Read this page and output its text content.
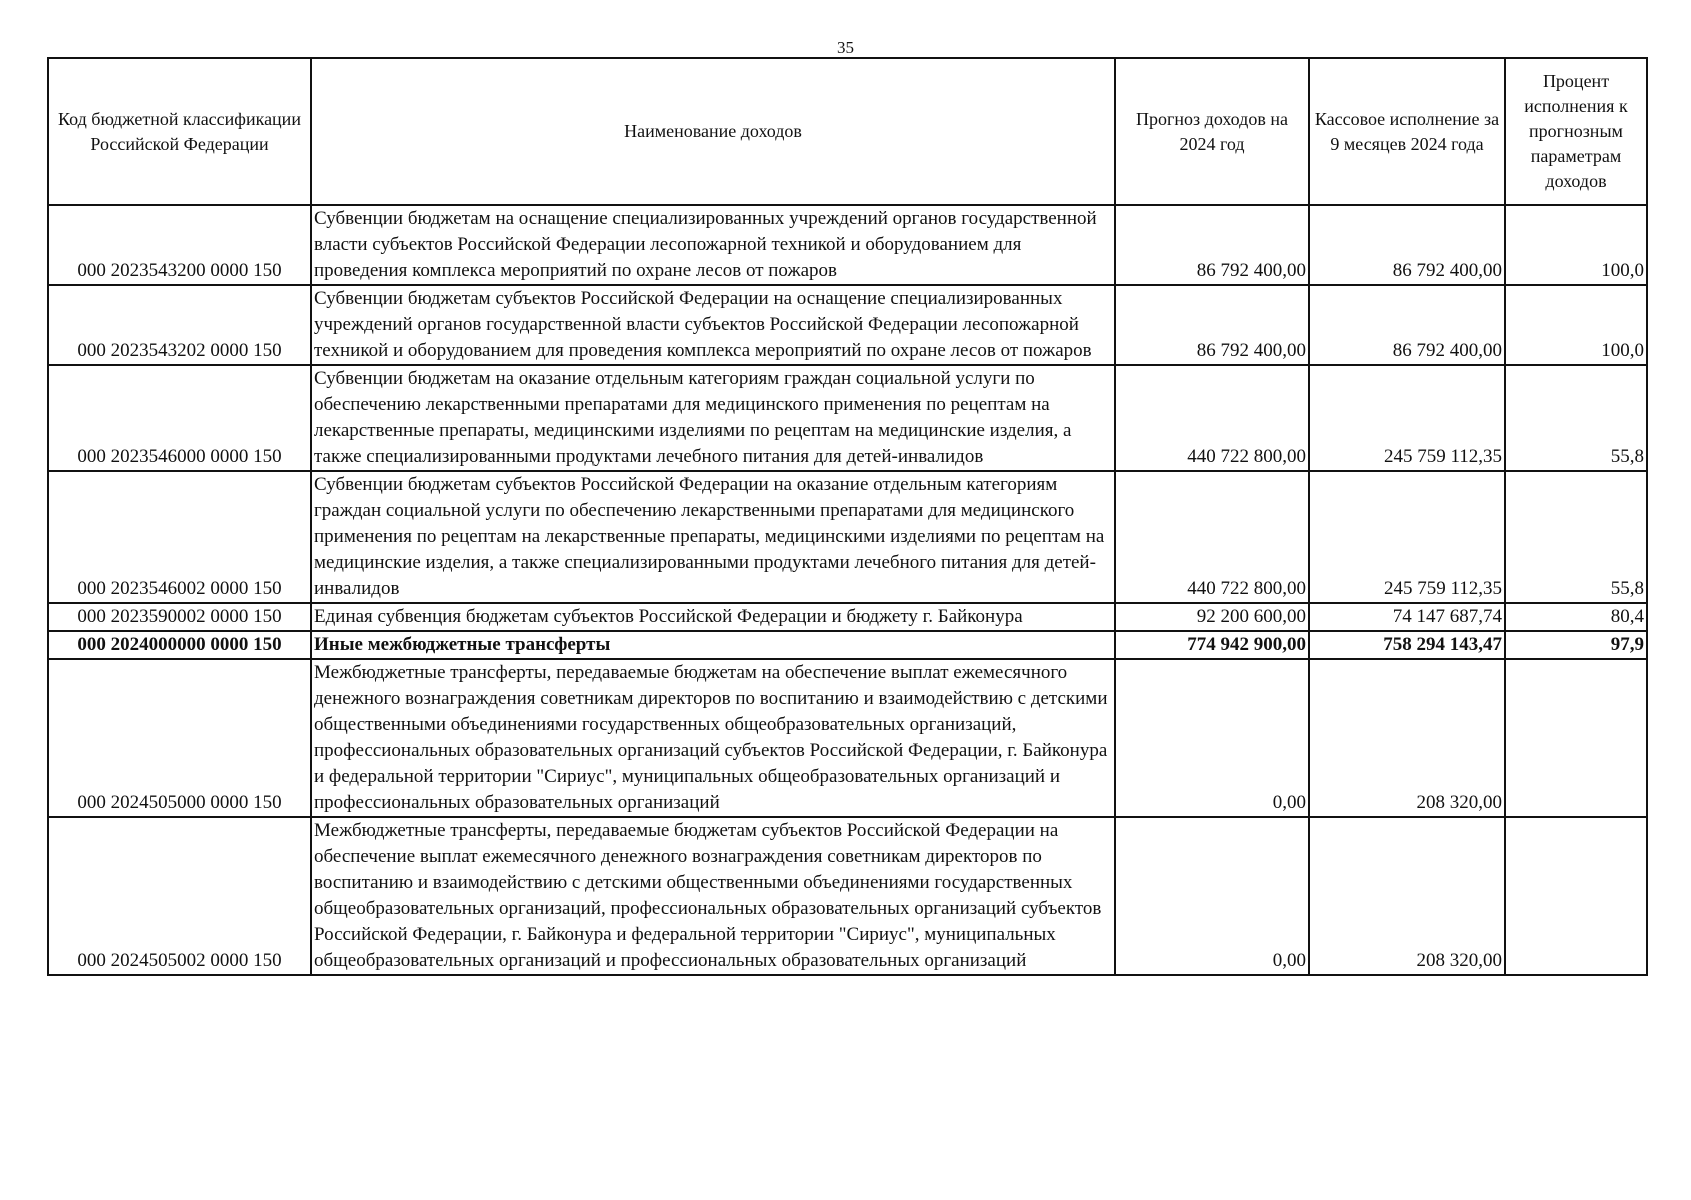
35
Код бюджетной классификации Российской Федерации	Наименование доходов	Прогноз доходов на 2024 год	Кассовое исполнение за 9 месяцев 2024 года	Процент исполнения к прогнозным параметрам доходов
000 2023543200 0000 150	Субвенции бюджетам на оснащение специализированных учреждений органов государственной власти субъектов Российской Федерации лесопожарной техникой и оборудованием для проведения комплекса мероприятий по охране лесов от пожаров	86 792 400,00	86 792 400,00	100,0
000 2023543202 0000 150	Субвенции бюджетам субъектов Российской Федерации на оснащение специализированных учреждений органов государственной власти субъектов Российской Федерации лесопожарной техникой и оборудованием для проведения комплекса мероприятий по охране лесов от пожаров	86 792 400,00	86 792 400,00	100,0
000 2023546000 0000 150	Субвенции бюджетам на оказание отдельным категориям граждан социальной услуги по обеспечению лекарственными препаратами для медицинского применения по рецептам на лекарственные препараты, медицинскими изделиями по рецептам на медицинские изделия, а также специализированными продуктами лечебного питания для детей-инвалидов	440 722 800,00	245 759 112,35	55,8
000 2023546002 0000 150	Субвенции бюджетам субъектов Российской Федерации на оказание отдельным категориям граждан социальной услуги по обеспечению лекарственными препаратами для медицинского применения по рецептам на лекарственные препараты, медицинскими изделиями по рецептам на медицинские изделия, а также специализированными продуктами лечебного питания для детей-инвалидов	440 722 800,00	245 759 112,35	55,8
000 2023590002 0000 150	Единая субвенция бюджетам субъектов Российской Федерации и бюджету г. Байконура	92 200 600,00	74 147 687,74	80,4
000 2024000000 0000 150	Иные межбюджетные трансферты	774 942 900,00	758 294 143,47	97,9
000 2024505000 0000 150	Межбюджетные трансферты, передаваемые бюджетам на обеспечение выплат ежемесячного денежного вознаграждения советникам директоров по воспитанию и взаимодействию с детскими общественными объединениями государственных общеобразовательных организаций, профессиональных образовательных организаций субъектов Российской Федерации, г. Байконура и федеральной территории "Сириус", муниципальных общеобразовательных организаций и профессиональных образовательных организаций	0,00	208 320,00	
000 2024505002 0000 150	Межбюджетные трансферты, передаваемые бюджетам субъектов Российской Федерации на обеспечение выплат ежемесячного денежного вознаграждения советникам директоров по воспитанию и взаимодействию с детскими общественными объединениями государственных общеобразовательных организаций, профессиональных образовательных организаций субъектов Российской Федерации, г. Байконура и федеральной территории "Сириус", муниципальных общеобразовательных организаций и профессиональных образовательных организаций	0,00	208 320,00	
